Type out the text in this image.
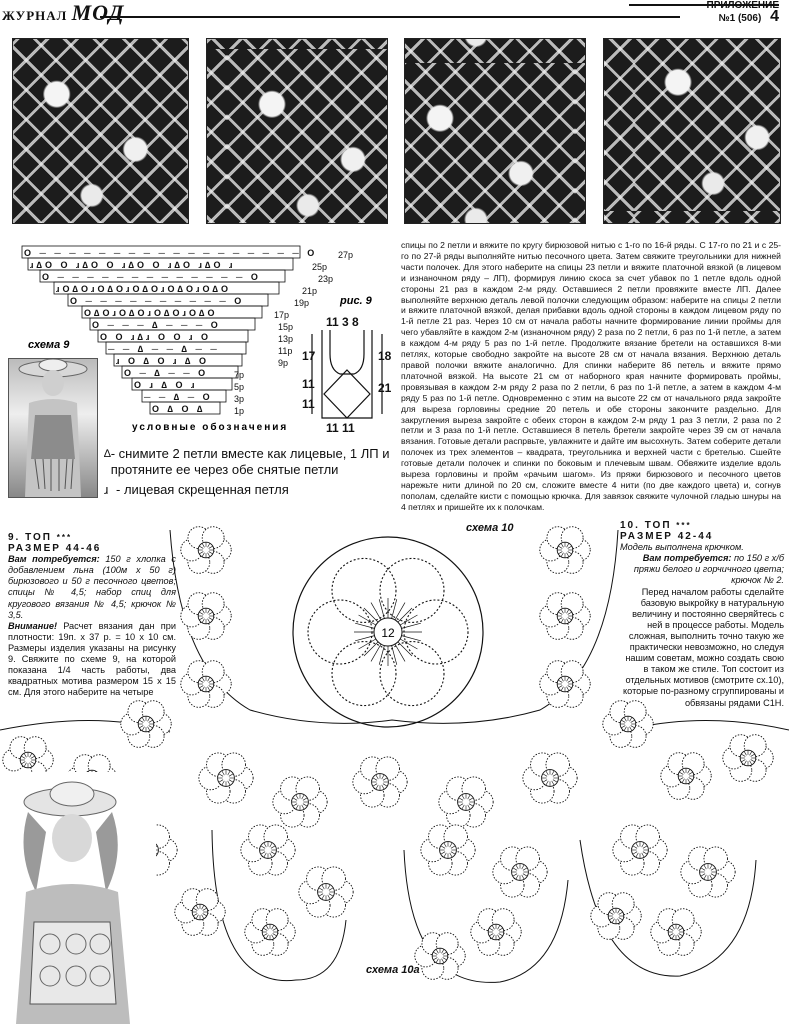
ЖУРНАЛ МОД	ПРИЛОЖЕНИЕ
№1 (506) 4
Ο ─ ─ ─ ─ ─ ─ ─ ─ ─ ─ ─ ─ ─ ─ ─ ─ ─ ─ Ο
ɹ∆Ο Ο ɹ∆Ο Ο ɹ∆Ο Ο ɹ∆Ο ɹ∆Ο ɹ
Ο ─ ─ ─ ─ ─ ─ ─ ─ ─ ─ ─ ─ ─ Ο
ɹΟ∆ΟɹΟ∆ΟɹΟ∆ΟɹΟ∆ΟɹΟ∆Ο
Ο ─ ─ ─ ─ ─ ─ ─ ─ ─ ─ Ο
Ο∆ΟɹΟ∆ΟɹΟ∆ΟɹΟ∆Ο
Ο ─ ─ ─ ∆ ─ ─ ─ Ο
Ο Ο ɹ∆ɹ Ο Ο ɹ Ο
─ ─ ∆ ─ ─ ∆ ─ ─
ɹ Ο ∆ Ο ɹ ∆ Ο
Ο ─ ∆ ─ ─ Ο
Ο ɹ ∆ Ο ɹ
─ ─ ∆ ─ Ο
Ο ∆ Ο ∆
27р
25р
23р
21р
19р
17р
15р
13р
11р
9р
7р
5р
3р
1р
рис. 9
схема 9
условные обозначения
11 3 8
17
11
11
18
21
11 11
∆ - снимите 2 петли вместе как лицевые, 1 ЛП и протяните ее через обе снятые петли
ɹ - лицевая скрещенная петля
спицы по 2 петли и вяжите по кругу бирюзовой нитью с 1-го по 16-й ряды. С 17-го по 21 и с 25-го по 27-й ряды выполняйте нитью песочного цвета. Затем свяжите треугольники для нижней части полочек. Для этого наберите на спицы 23 петли и вяжите платочной вязкой (в лицевом и изнаночном ряду – ЛП), формируя линию скоса за счет убавок по 1 петле вдоль одной стороны 21 раз в каждом 2-м ряду. Оставшиеся 2 петли провяжите вместе ЛП. Далее выполняйте верхнюю деталь левой полочки следующим образом: наберите на спицы 2 петли и вяжите платочной вязкой, делая прибавки вдоль одной стороны в каждом лицевом ряду по 1-й петле 21 раз. Через 10 см от начала работы начните формирование линии проймы для чего убавляйте в каждом 2-м (изнаночном ряду) 2 раза по 2 петли, 6 раз по 1-й петле, а затем в каждом 4-м ряду 5 раз по 1-й петле. Продолжите вязание бретели на оставшихся 8-ми петлях, которые свободно закройте на высоте 28 см от начала вязания. Верхнюю деталь правой полочки вяжите аналогично. Для спинки наберите 86 петель и вяжите прямо платочной вязкой. На высоте 21 см от наборного края начните формировать проймы, провязывая в каждом 2-м ряду 2 раза по 2 петли, 6 раз по 1-й петле, а затем в каждом 4-м ряду 5 раз по 1-й петле. Одновременно с этим на высоте 22 см от начального ряда закройте для выреза горловины средние 20 петель и обе стороны закончите раздельно. Для закругления выреза закройте с обеих сторон в каждом 2-м ряду 1 раз 3 петли, 2 раза по 2 петли и 3 раза по 1-й петле. Оставшиеся 8 петель бретели закройте через 39 см от начала вязания. Готовые детали распрвьте, увлажните и дайте им высохнуть. Затем соберите детали полочек из трех элементов – квадрата, треугольника и верхней части с бретелью. Сшейте готовые детали полочек и спинки по боковым и плечевым швам. Обвяжите изделие вдоль выреза горловины и пройм «рачьим шагом». Из пряжи бирюзового и песочного цветов нарежьте нити длиной по 20 см, сложите вместе 4 нити (по две каждого цвета) и, согнув пополам, сделайте кисти с помощью крючка. Для завязок свяжите чулочной гладью шнуры на 4 петлях и пришейте их к полочкам.
9. ТОП ***
РАЗМЕР 44-46
Вам потребуется: 150 г хлопка с добавлением льна (100м х 50 г) бирюзового и 50 г песочного цветов; спицы № 4,5; набор спиц для кругового вязания № 4,5; крючок № 3,5.
Внимание! Расчет вязания дан при плотности: 19п. х 37 р. = 10 х 10 см. Размеры изделия указаны на рисунку 9. Свяжите по схеме 9, на которой показана 1/4 часть работы, два квадратных мотива размером 15 х 15 см. Для этого наберите на четыре
10. ТОП ***
РАЗМЕР 42-44
Модель выполнена крючком.
Вам потребуется: по 150 г х/б пряжи белого и горчичного цвета; крючок № 2.
Перед началом работы сделайте базовую выкройку в натуральную величину и постоянно сверяйтесь с ней в процессе работы. Модель сложная, выполнить точно такую же практически невозможно, но следуя нашим советам, можно создать свою в таком же стиле. Топ состоит из отдельных мотивов (смотрите сх.10), которые по-разному сгруппированы и обвязаны рядами С1Н.
схема 10
12
схема 10a
